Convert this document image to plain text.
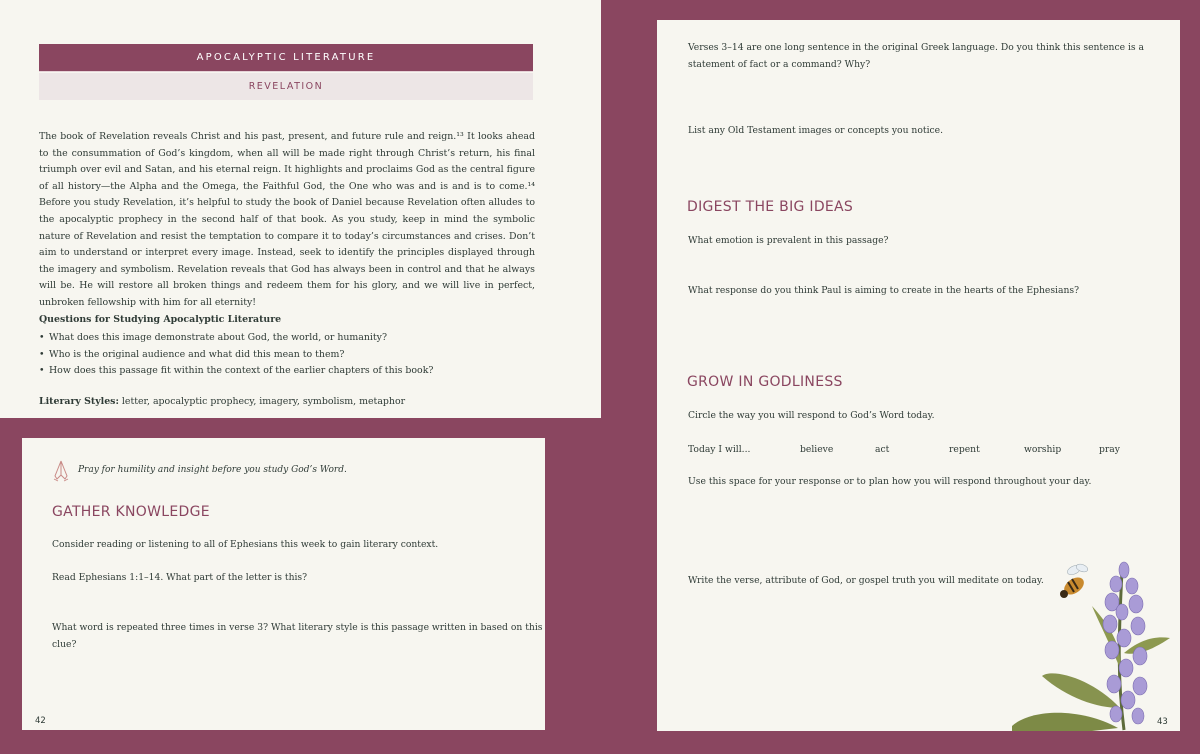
APOCALYPTIC LITERATURE
REVELATION

The book of Revelation reveals Christ and his past, present, and future rule and reign.¹³ It looks ahead to the consummation of God’s kingdom, when all will be made right through Christ’s return, his final triumph over evil and Satan, and his eternal reign. It highlights and proclaims God as the central figure of all history—the Alpha and the Omega, the Faithful God, the One who was and is and is to come.¹⁴ Before you study Revelation, it’s helpful to study the book of Daniel because Revelation often alludes to the apocalyptic prophecy in the second half of that book. As you study, keep in mind the symbolic nature of Revelation and resist the temptation to compare it to today’s circumstances and crises. Don’t aim to understand or interpret every image. Instead, seek to identify the principles displayed through the imagery and symbolism. Revelation reveals that God has always been in control and that he always will be. He will restore all broken things and redeem them for his glory, and we will live in perfect, unbroken fellowship with him for all eternity!

Questions for Studying Apocalyptic Literature

• What does this image demonstrate about God, the world, or humanity?
• Who is the original audience and what did this mean to them?
• How does this passage fit within the context of the earlier chapters of this book?

Literary Styles: letter, apocalyptic prophecy, imagery, symbolism, metaphor

Pray for humility and insight before you study God’s Word.
GATHER KNOWLEDGE

Consider reading or listening to all of Ephesians this week to gain literary context.

Read Ephesians 1:1–14. What part of the letter is this?

What word is repeated three times in verse 3? What literary style is this passage written in based on this clue?

42

Verses 3–14 are one long sentence in the original Greek language. Do you think this sentence is a statement of fact or a command? Why?

List any Old Testament images or concepts you notice.

DIGEST THE BIG IDEAS

What emotion is prevalent in this passage?

What response do you think Paul is aiming to create in the hearts of the Ephesians?

GROW IN GODLINESS

Circle the way you will respond to God’s Word today.

Today I will...	believe	act	repent	worship	pray

Use this space for your response or to plan how you will respond throughout your day.

Write the verse, attribute of God, or gospel truth you will meditate on today.

43
